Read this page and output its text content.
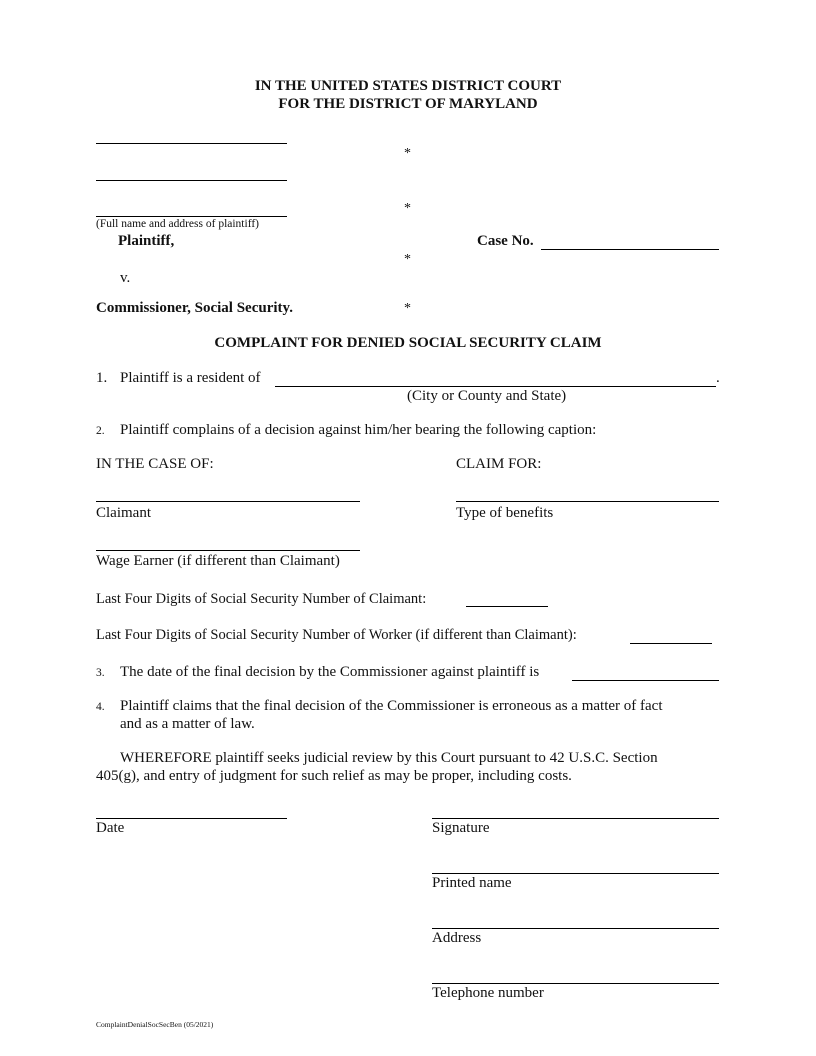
IN THE UNITED STATES DISTRICT COURT
FOR THE DISTRICT OF MARYLAND
(Full name and address of plaintiff)
Plaintiff,
v.
Commissioner, Social Security.
*
*
*
*
Case No.
COMPLAINT FOR DENIED SOCIAL SECURITY CLAIM
1. Plaintiff is a resident of	.
(City or County and State)
2. Plaintiff complains of a decision against him/her bearing the following caption:
IN THE CASE OF:	CLAIM FOR:
Claimant	Type of benefits
Wage Earner (if different than Claimant)
Last Four Digits of Social Security Number of Claimant:
Last Four Digits of Social Security Number of Worker (if different than Claimant):
3. The date of the final decision by the Commissioner against plaintiff is
4. Plaintiff claims that the final decision of the Commissioner is erroneous as a matter of fact
and as a matter of law.
WHEREFORE plaintiff seeks judicial review by this Court pursuant to 42 U.S.C. Section
405(g), and entry of judgment for such relief as may be proper, including costs.
Date	Signature
Printed name
Address
Telephone number
ComplaintDenialSocSecBen (05/2021)
